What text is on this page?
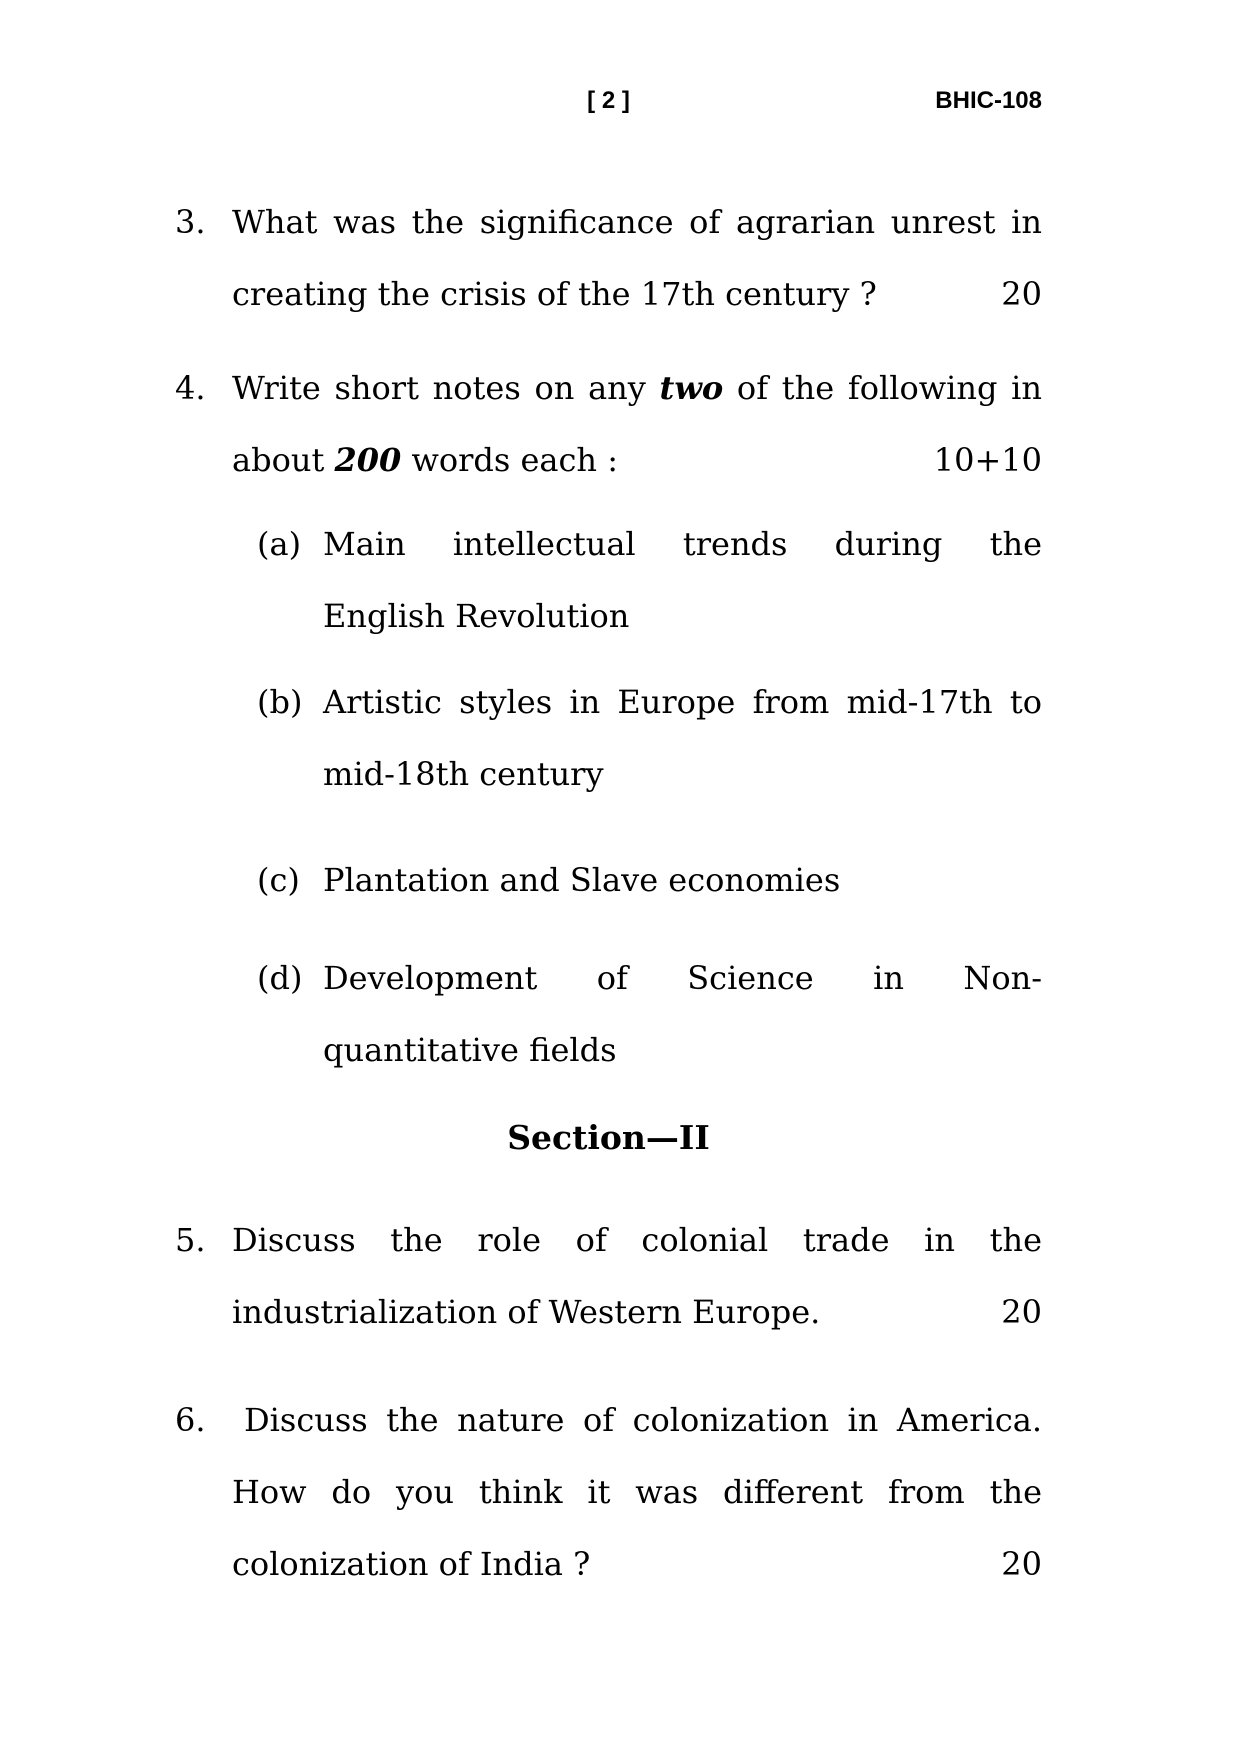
[ 2 ]	BHIC-108
3. What was the significance of agrarian unrest in
creating the crisis of the 17th century ?	20
4. Write short notes on any two of the following in
about 200 words each :	10+10
(a) Main intellectual trends during the
English Revolution
(b) Artistic styles in Europe from mid-17th to
mid-18th century
(c) Plantation and Slave economies
(d) Development of Science in Non-
quantitative fields
Section—II
5. Discuss the role of colonial trade in the
industrialization of Western Europe.	20
6.	Discuss the nature of colonization in America.
How do you think it was different from the
colonization of India ?	20
